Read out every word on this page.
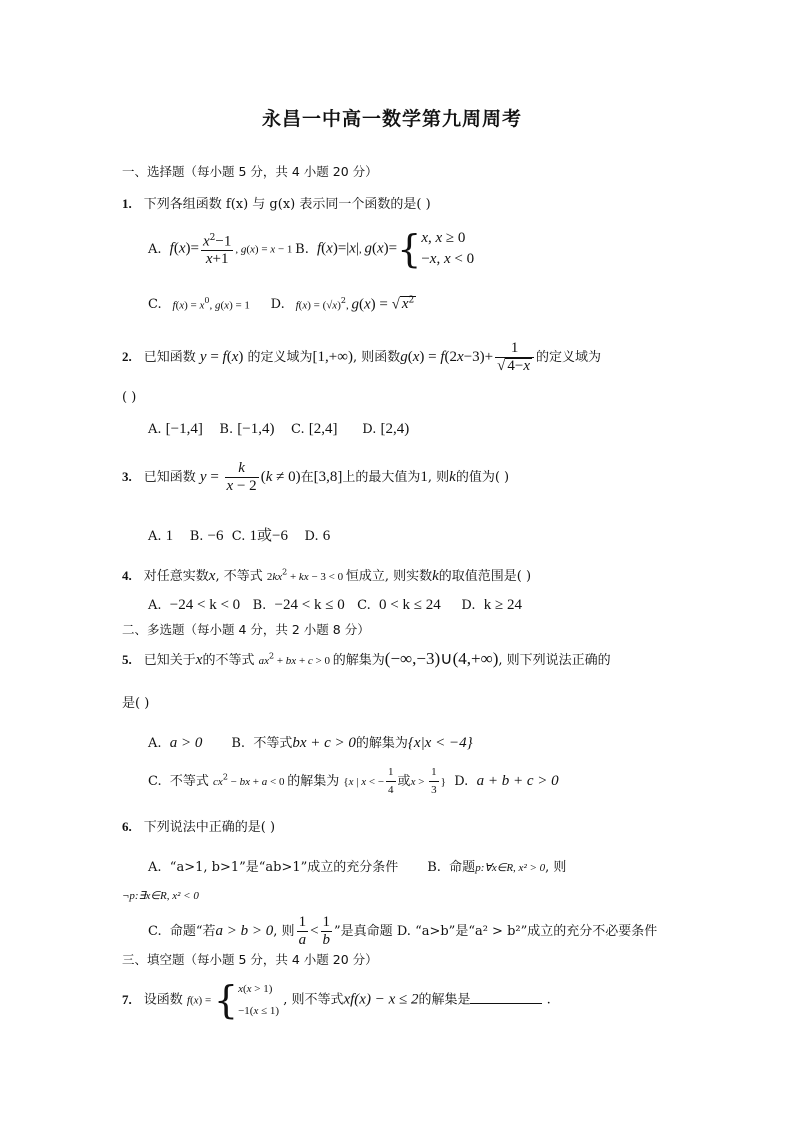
永昌一中高一数学第九周周考
一、选择题（每小题 5 分，共 4 小题 20 分）
1. 下列各组函数 f(x) 与 g(x) 表示同一个函数的是( )
A. $f(x)= \frac{x^2-1}{x+1}$ , g(x) = x − 1 B. f(x)=|x|, g(x)={x, x ≥ 0
−x, x < 0
C.  $f(x) = x^0$, g(x) = 1 D.  $f(x) = (√x)^2$, g(x) = √ $x^2$
2. 已知函数 y = f(x) 的定义域为[1,+∞), 则函数$g(x) = f(2x-3)+ \frac{1}{√ 4-x}$ 的定义域为
( )
A. [−1,4] B. [−1,4) C. [2,4] D. [2,4)
3. 已知函数 $y = \frac{k}{x - 2} (k \ne 0)$在[3,8]上的最大值为1, 则k的值为( )
A. 1 B. −6 C. 1或−6 D. 6
4. 对任意实数x, 不等式 $2kx^2$ + kx − 3 < 0 恒成立, 则实数k的取值范围是( )
A. −24 < k < 0 B. −24 < k ≤ 0 C. 0 < k ≤ 24 D. k ≥ 24
二、多选题（每小题 4 分，共 2 小题 8 分）
5. 已知关于x的不等式 $ax^2$ + bx + c > 0 的解集为(−∞,−3)∪(4,+∞), 则下列说法正确的
是( )
A. a > 0 B. 不等式bx + c > 0的解集为{x|x < −4}
C. 不等式 $cx^2$ − bx + a < 0 的解集为 {x | x < − $\frac{1}{4}$ 或$x > \frac{1}{3}$ } D. a + b + c > 0
6. 下列说法中正确的是( )
A. “a>1, b>1”是“ab>1”成立的充分条件 B. 命题p:∀x∈R, x² > 0, 则
¬p:∃x∈R, x² < 0
C. 命题“若a > b > 0, 则 $\frac{1}{a} < \frac{1}{b}$ ”是真命题 D. “a>b”是“a² > b²”成立的充分不必要条件
三、填空题（每小题 5 分，共 4 小题 20 分）
7. 设函数 f(x) = {x(x > 1)
−1(x ≤ 1) , 则不等式xf(x) − x ≤ 2的解集是	.
